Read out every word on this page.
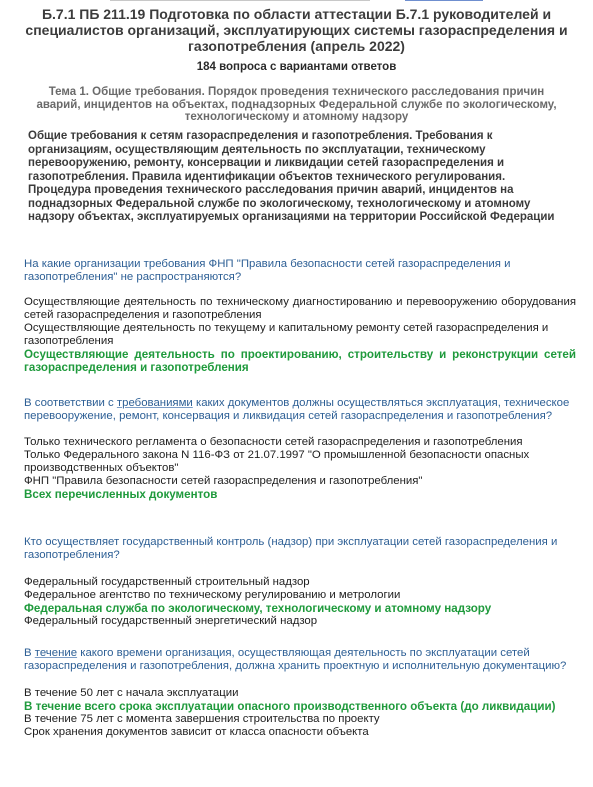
Б.7.1 ПБ 211.19 Подготовка по области аттестации Б.7.1 руководителей и специалистов организаций, эксплуатирующих системы газораспределения и газопотребления (апрель 2022)
184 вопроса с вариантами ответов
Тема 1. Общие требования. Порядок проведения технического расследования причин аварий, инцидентов на объектах, поднадзорных Федеральной службе по экологическому, технологическому и атомному надзору

Общие требования к сетям газораспределения и газопотребления. Требования к организациям, осуществляющим деятельность по эксплуатации, техническому перевооружению, ремонту, консервации и ликвидации сетей газораспределения и газопотребления. Правила идентификации объектов технического регулирования.

Процедура проведения технического расследования причин аварий, инцидентов на поднадзорных Федеральной службе по экологическому, технологическому и атомному надзору объектах, эксплуатируемых организациями на территории Российской Федерации

На какие организации требования ФНП "Правила безопасности сетей газораспределения и газопотребления" не распространяются?

Осуществляющие деятельность по техническому диагностированию и перевооружению оборудования сетей газораспределения и газопотребления

Осуществляющие деятельность по текущему и капитальному ремонту сетей газораспределения и газопотребления

Осуществляющие деятельность по проектированию, строительству и реконструкции сетей газораспределения и газопотребления

В соответствии с требованиями каких документов должны осуществляться эксплуатация, техническое перевооружение, ремонт, консервация и ликвидация сетей газораспределения и газопотребления?

Только технического регламента о безопасности сетей газораспределения и газопотребления

Только Федерального закона N 116-ФЗ от 21.07.1997 "О промышленной безопасности опасных производственных объектов"

ФНП "Правила безопасности сетей газораспределения и газопотребления"

Всех перечисленных документов

Кто осуществляет государственный контроль (надзор) при эксплуатации сетей газораспределения и газопотребления?

Федеральный государственный строительный надзор

Федеральное агентство по техническому регулированию и метрологии

Федеральная служба по экологическому, технологическому и атомному надзору

Федеральный государственный энергетический надзор

В течение какого времени организация, осуществляющая деятельность по эксплуатации сетей газораспределения и газопотребления, должна хранить проектную и исполнительную документацию?

В течение 50 лет с начала эксплуатации

В течение всего срока эксплуатации опасного производственного объекта (до ликвидации)

В течение 75 лет с момента завершения строительства по проекту

Срок хранения документов зависит от класса опасности объекта
